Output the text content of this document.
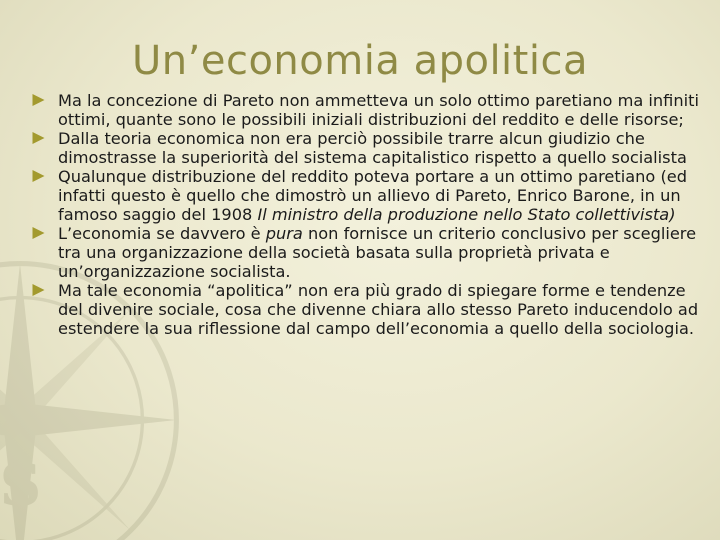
S
Un’economia apolitica
Ma la concezione di Pareto non ammetteva un solo ottimo paretiano ma infiniti ottimi, quante sono le possibili iniziali distribuzioni del reddito e delle risorse;
Dalla teoria economica non era perciò possibile trarre alcun giudizio che dimostrasse la superiorità del sistema capitalistico rispetto a quello socialista
Qualunque distribuzione del reddito poteva portare a un ottimo paretiano (ed infatti questo è quello che dimostrò un allievo di Pareto, Enrico Barone, in un famoso saggio del 1908 Il ministro della produzione nello Stato collettivista)
L’economia se davvero è pura non fornisce un criterio conclusivo per scegliere tra una organizzazione della società basata sulla proprietà privata e un’organizzazione socialista.
Ma tale economia “apolitica” non era più grado di spiegare forme e tendenze del divenire sociale, cosa che divenne chiara allo stesso Pareto inducendolo ad estendere la sua riflessione dal campo dell’economia a quello della sociologia.
